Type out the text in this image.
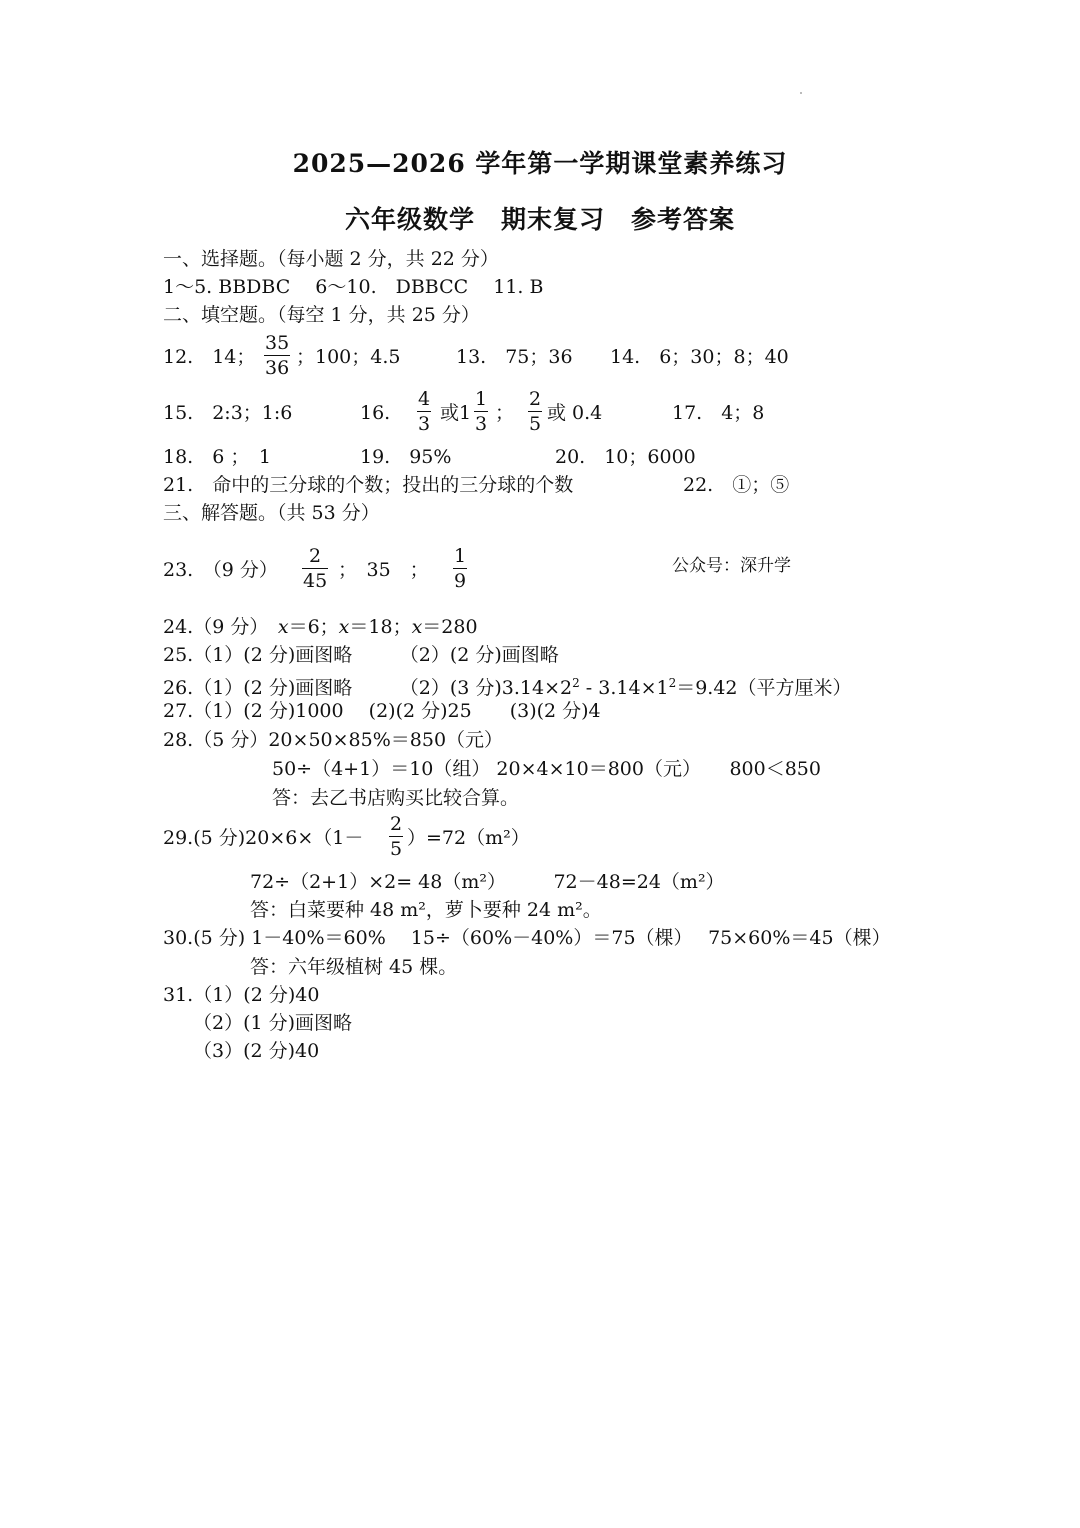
2025—2026 学年第一学期课堂素养练习
六年级数学　期末复习　参考答案
一、选择题。（每小题 2 分，共 22 分）
1～5. BBDBC　 6～10.　DBBCC　 11. B
二、填空题。（每空 1 分，共 25 分）
12.　14；
35
36 ；100；4.5	13.　75；36 14.　6；30；8；40
15.　2:3；1:6	16.
4
3 或1
1
3 ；
2
5 或 0.4	17.　4；8
18.　6 ；　1	19.　95%	20.　10；6000
21.　命中的三分球的个数；投出的三分球的个数	22.　①；⑤
三、解答题。（共 53 分）
23.　（9 分）
2
45 ；　35　；
1
9
公众号：深升学
24.（9 分）　x＝6；x＝18；x＝280
25.（1）(2 分)画图略　　　（2）(2 分)画图略
26.（1）(2 分)画图略　　　（2）(3 分)$3.14\times 2^2 - 3.14\times 1^2=9.42$（平方厘米）
27.（1）(2 分)1000　 (2)(2 分)25　　(3)(2 分)4
28.（5 分）20×50×85%＝850（元）
50÷（4+1）＝10（组） 20×4×10＝800（元）　　800＜850
答：去乙书店购买比较合算。
29.(5 分)20×6×（1－
2
5 ）=72（m²）
72÷（2+1）×2= 48（m²）　　　72－48=24（m²）
答：白菜要种 48 m²，萝卜要种 24 m²。
30.(5 分) 1－40%＝60%　 15÷（60%－40%）＝75（棵）　 75×60%＝45（棵）
答：六年级植树 45 棵。
31.（1）(2 分)40
（2）(1 分)画图略
（3）(2 分)40
